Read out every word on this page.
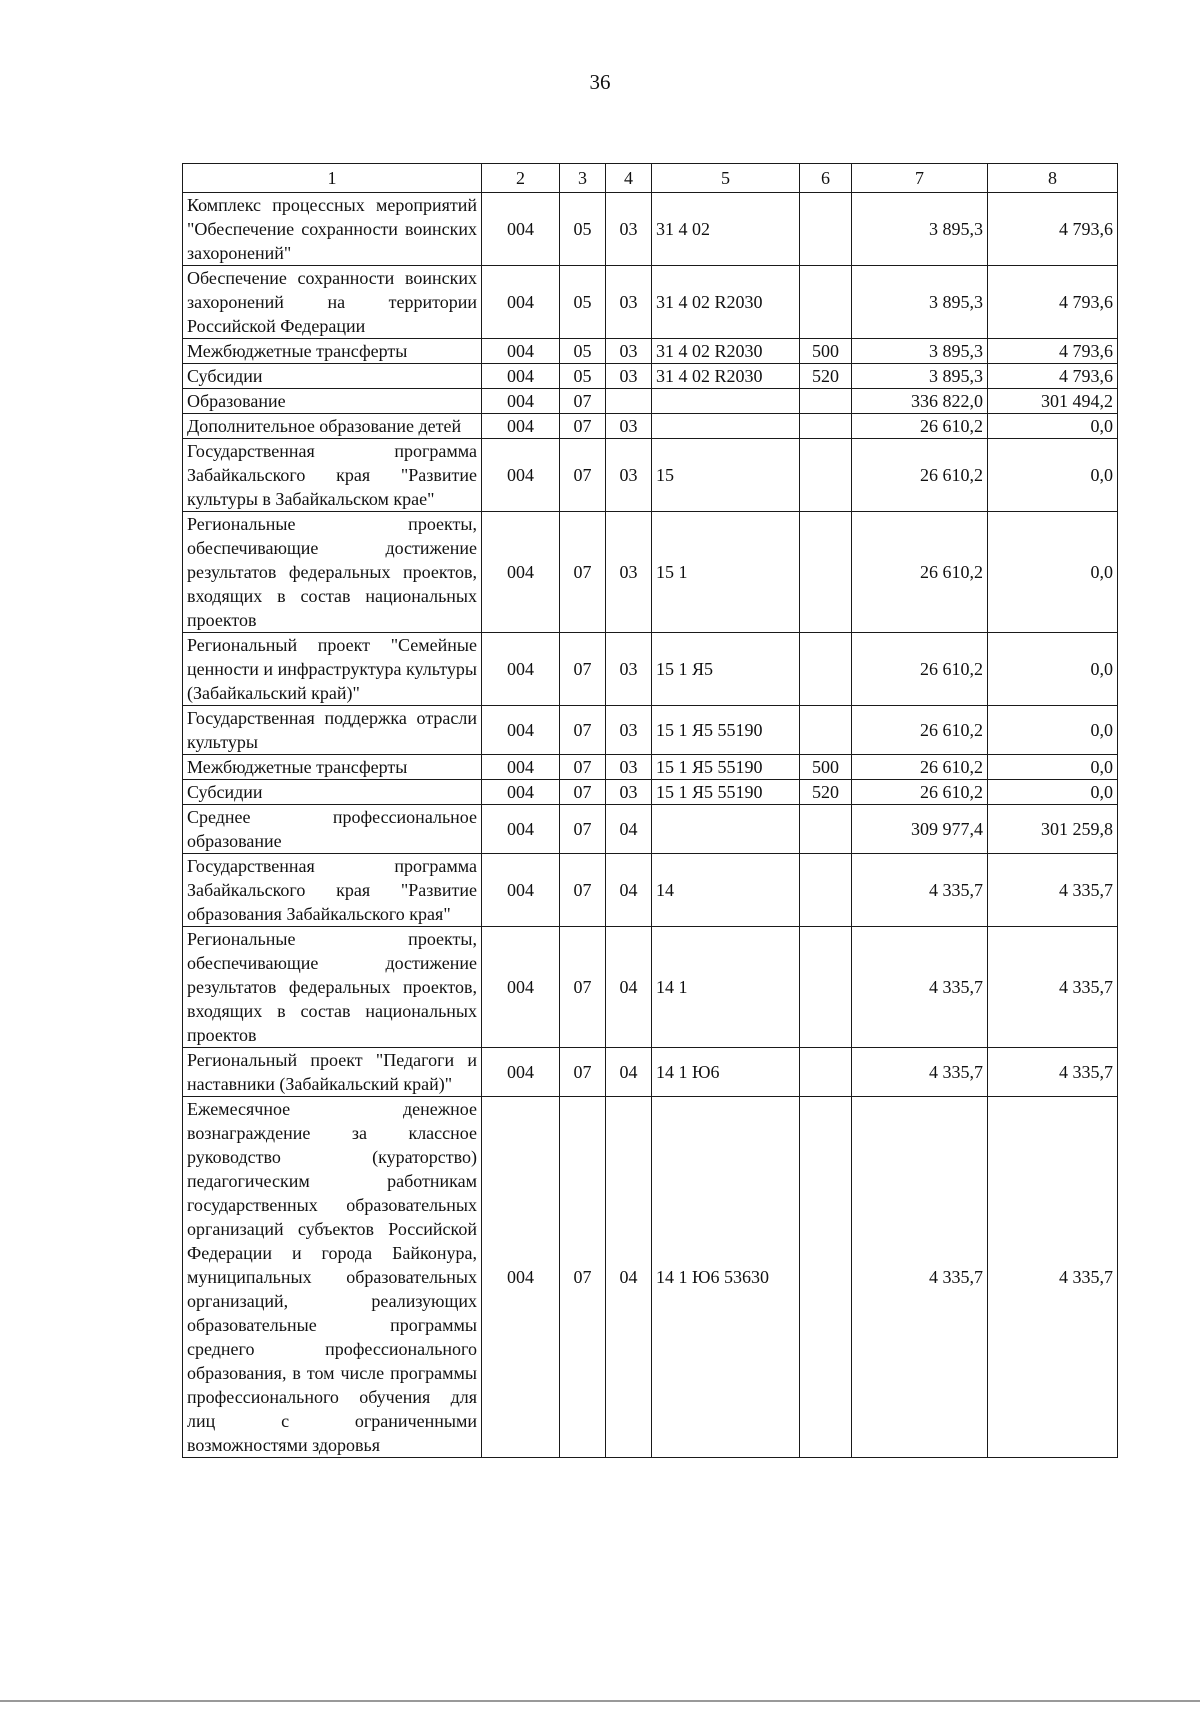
36
1	2	3	4	5	6	7	8
Комплекс процессных мероприятий "Обеспечение сохранности воинских захоронений"	004	05	03	31 4 02		3 895,3	4 793,6
Обеспечение сохранности воинских захоронений на территории Российской Федерации	004	05	03	31 4 02 R2030		3 895,3	4 793,6
Межбюджетные трансферты	004	05	03	31 4 02 R2030	500	3 895,3	4 793,6
Субсидии	004	05	03	31 4 02 R2030	520	3 895,3	4 793,6
Образование	004	07				336 822,0	301 494,2
Дополнительное образование детей	004	07	03			26 610,2	0,0
Государственная программа Забайкальского края "Развитие культуры в Забайкальском крае"	004	07	03	15		26 610,2	0,0
Региональные проекты, обеспечивающие достижение результатов федеральных проектов, входящих в состав национальных проектов	004	07	03	15 1		26 610,2	0,0
Региональный проект "Семейные ценности и инфраструктура культуры (Забайкальский край)"	004	07	03	15 1 Я5		26 610,2	0,0
Государственная поддержка отрасли культуры	004	07	03	15 1 Я5 55190		26 610,2	0,0
Межбюджетные трансферты	004	07	03	15 1 Я5 55190	500	26 610,2	0,0
Субсидии	004	07	03	15 1 Я5 55190	520	26 610,2	0,0
Среднее профессиональное образование	004	07	04			309 977,4	301 259,8
Государственная программа Забайкальского края "Развитие образования Забайкальского края"	004	07	04	14		4 335,7	4 335,7
Региональные проекты, обеспечивающие достижение результатов федеральных проектов, входящих в состав национальных проектов	004	07	04	14 1		4 335,7	4 335,7
Региональный проект "Педагоги и наставники (Забайкальский край)"	004	07	04	14 1 Ю6		4 335,7	4 335,7
Ежемесячное денежное вознаграждение за классное руководство (кураторство) педагогическим работникам государственных образовательных организаций субъектов Российской Федерации и города Байконура, муниципальных образовательных организаций, реализующих образовательные программы среднего профессионального образования, в том числе программы профессионального обучения для лиц с ограниченными возможностями здоровья	004	07	04	14 1 Ю6 53630		4 335,7	4 335,7
